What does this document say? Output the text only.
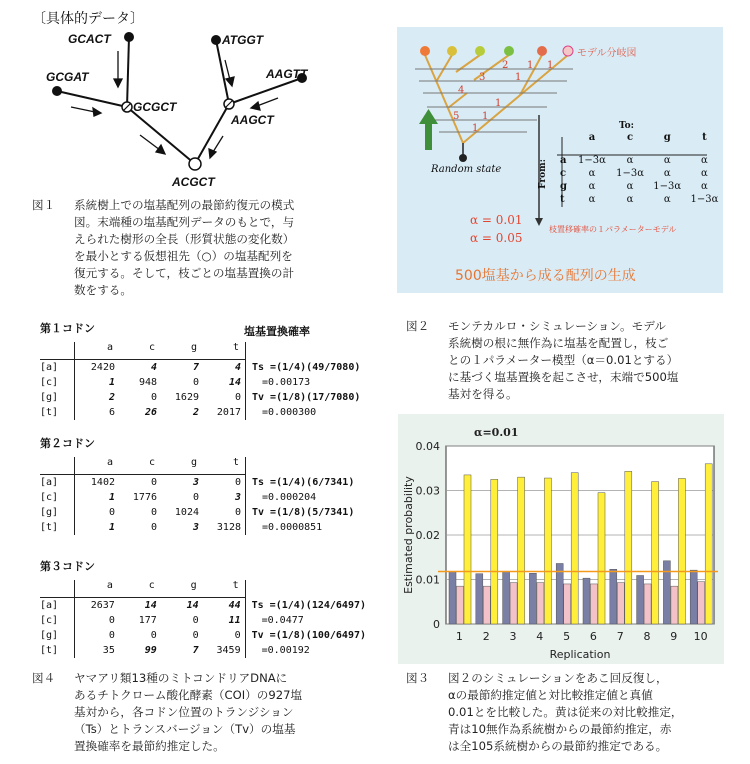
〔具体的データ〕
GCACT
GCGAT
GCGCT
ATGGT
AAGTT
AAGCT
ACGCT
図１ 系統樹上での塩基配列の最節約復元の模式
図。末端種の塩基配列データのもとで，与
えられた樹形の全長（形質状態の変化数）
を最小とする仮想祖先（○）の塩基配列を
復元する。そして，枝ごとの塩基置換の計
数をする。
塩基置換確率
第１コドン
	a	c	g	t	
[a]	2420	4	7	4	Ts =(1/4)(49/7080)
[c]	1	948	0	14	=0.00173
[g]	2	0	1629	0	Tv =(1/8)(17/7080)
[t]	6	26	2	2017	=0.000300
第２コドン
	a	c	g	t	
[a]	1402	0	3	0	Ts =(1/4)(6/7341)
[c]	1	1776	0	3	=0.000204
[g]	0	0	1024	0	Tv =(1/8)(5/7341)
[t]	1	0	3	3128	=0.0000851
第３コドン
	a	c	g	t	
[a]	2637	14	14	44	Ts =(1/4)(124/6497)
[c]	0	177	0	11	=0.0477
[g]	0	0	0	0	Tv =(1/8)(100/6497)
[t]	35	99	7	3459	=0.00192
図４ ヤマアリ類13種のミトコンドリアDNAに
あるチトクローム酸化酵素（COI）の927塩
基対から，各コドン位置のトランジション
（Ts）とトランスバージョン（Tv）の塩基
置換確率を最節約推定した。
モデル分岐図
Random state
1
2	1
1
3
4
1
5 1
1	To:
From:
	a	c	g	t

a	1−3α	α	α	α
c	α	1−3α	α	α
g	α	α	1−3α	α
t	α	α	α	1−3α
α = 0.01
α = 0.05
枝置移確率の１パラメーターモデル
500塩基から成る配列の生成
図２ モンテカルロ・シミュレーション。モデル
系統樹の根に無作為に塩基を配置し，枝ご
との１パラメーター模型（α＝0.01とする）
に基づく塩基置換を起こさせ，末端で500塩
基対を得る。
0
0.01
0.02
0.03
0.04
1 2 3 4 5 6 7 8 9 10
α=0.01
Replication
Estimated probability
図３ 図２のシミュレーションをあこ回反復し，
αの最節約推定値と対比較推定値と真値
0.01とを比較した。黄は従来の対比較推定，
青は10無作為系統樹からの最節約推定，赤
は全105系統樹からの最節約推定である。
